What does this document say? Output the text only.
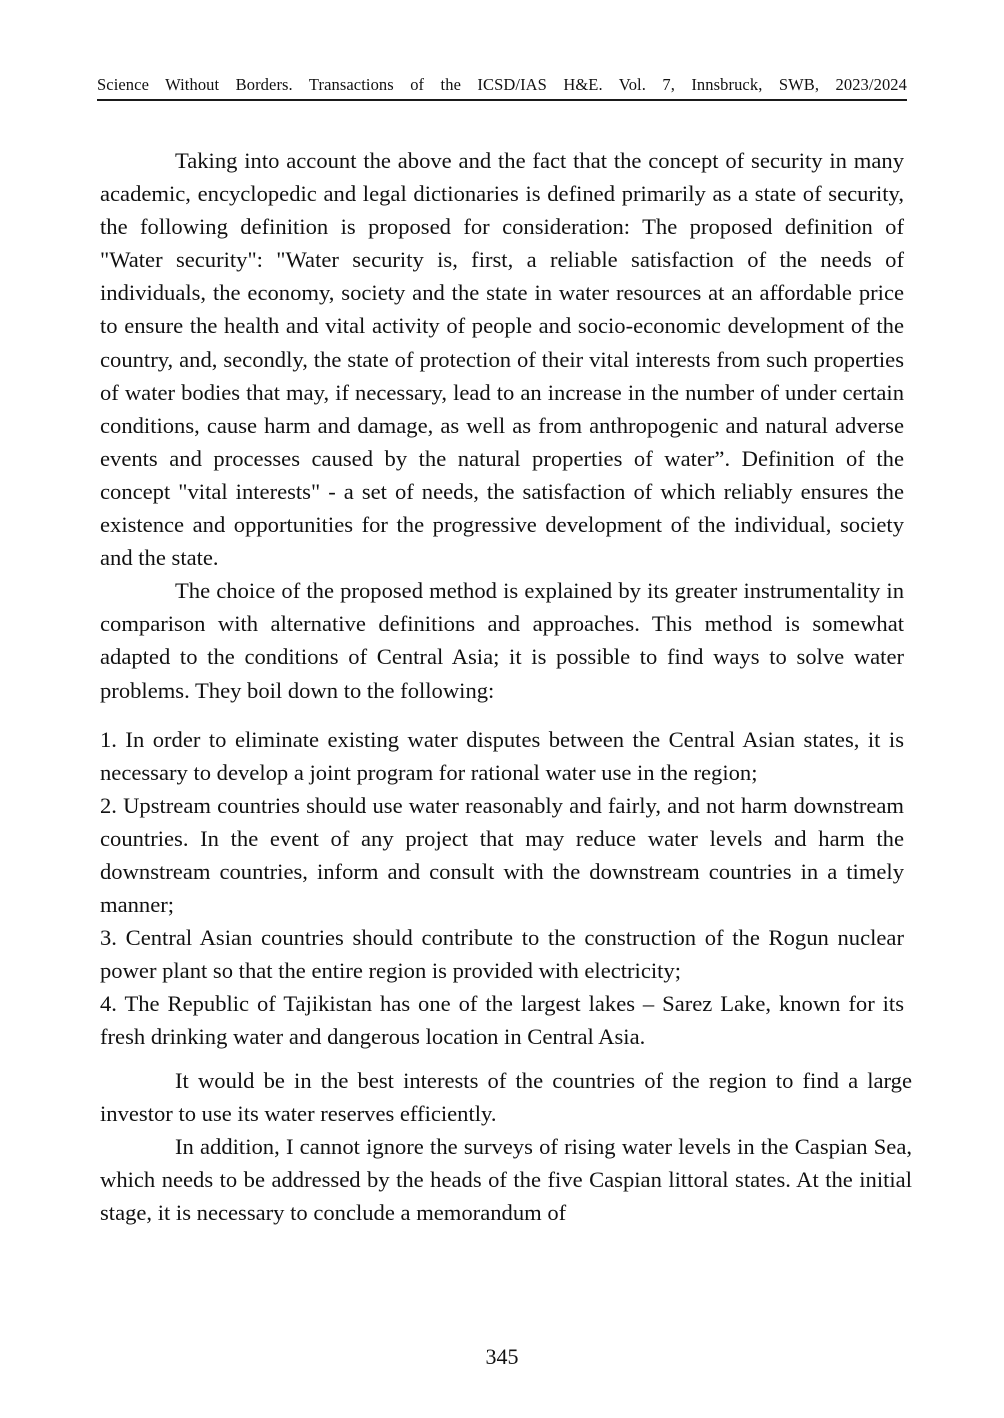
Science Without Borders. Transactions of the ICSD/IAS H&E. Vol. 7, Innsbruck, SWB, 2023/2024

Taking into account the above and the fact that the concept of security in many academic, encyclopedic and legal dictionaries is defined primarily as a state of security, the following definition is proposed for consideration: The proposed definition of "Water security": "Water security is, first, a reliable satisfaction of the needs of individuals, the economy, society and the state in water resources at an affordable price to ensure the health and vital activity of people and socio-economic development of the country, and, secondly, the state of protection of their vital interests from such properties of water bodies that may, if necessary, lead to an increase in the number of under certain conditions, cause harm and damage, as well as from anthropogenic and natural adverse events and processes caused by the natural properties of water”. Definition of the concept "vital interests" - a set of needs, the satisfaction of which reliably ensures the existence and opportunities for the progressive development of the individual, society and the state.

The choice of the proposed method is explained by its greater instrumentality in comparison with alternative definitions and approaches. This method is somewhat adapted to the conditions of Central Asia; it is possible to find ways to solve water problems. They boil down to the following:

1. In order to eliminate existing water disputes between the Central Asian states, it is necessary to develop a joint program for rational water use in the region;
2. Upstream countries should use water reasonably and fairly, and not harm downstream countries. In the event of any project that may reduce water levels and harm the downstream countries, inform and consult with the downstream countries in a timely manner;
3. Central Asian countries should contribute to the construction of the Rogun nuclear power plant so that the entire region is provided with electricity;
4. The Republic of Tajikistan has one of the largest lakes – Sarez Lake, known for its fresh drinking water and dangerous location in Central Asia.

It would be in the best interests of the countries of the region to find a large investor to use its water reserves efficiently.

In addition, I cannot ignore the surveys of rising water levels in the Caspian Sea, which needs to be addressed by the heads of the five Caspian littoral states. At the initial stage, it is necessary to conclude a memorandum of

345
